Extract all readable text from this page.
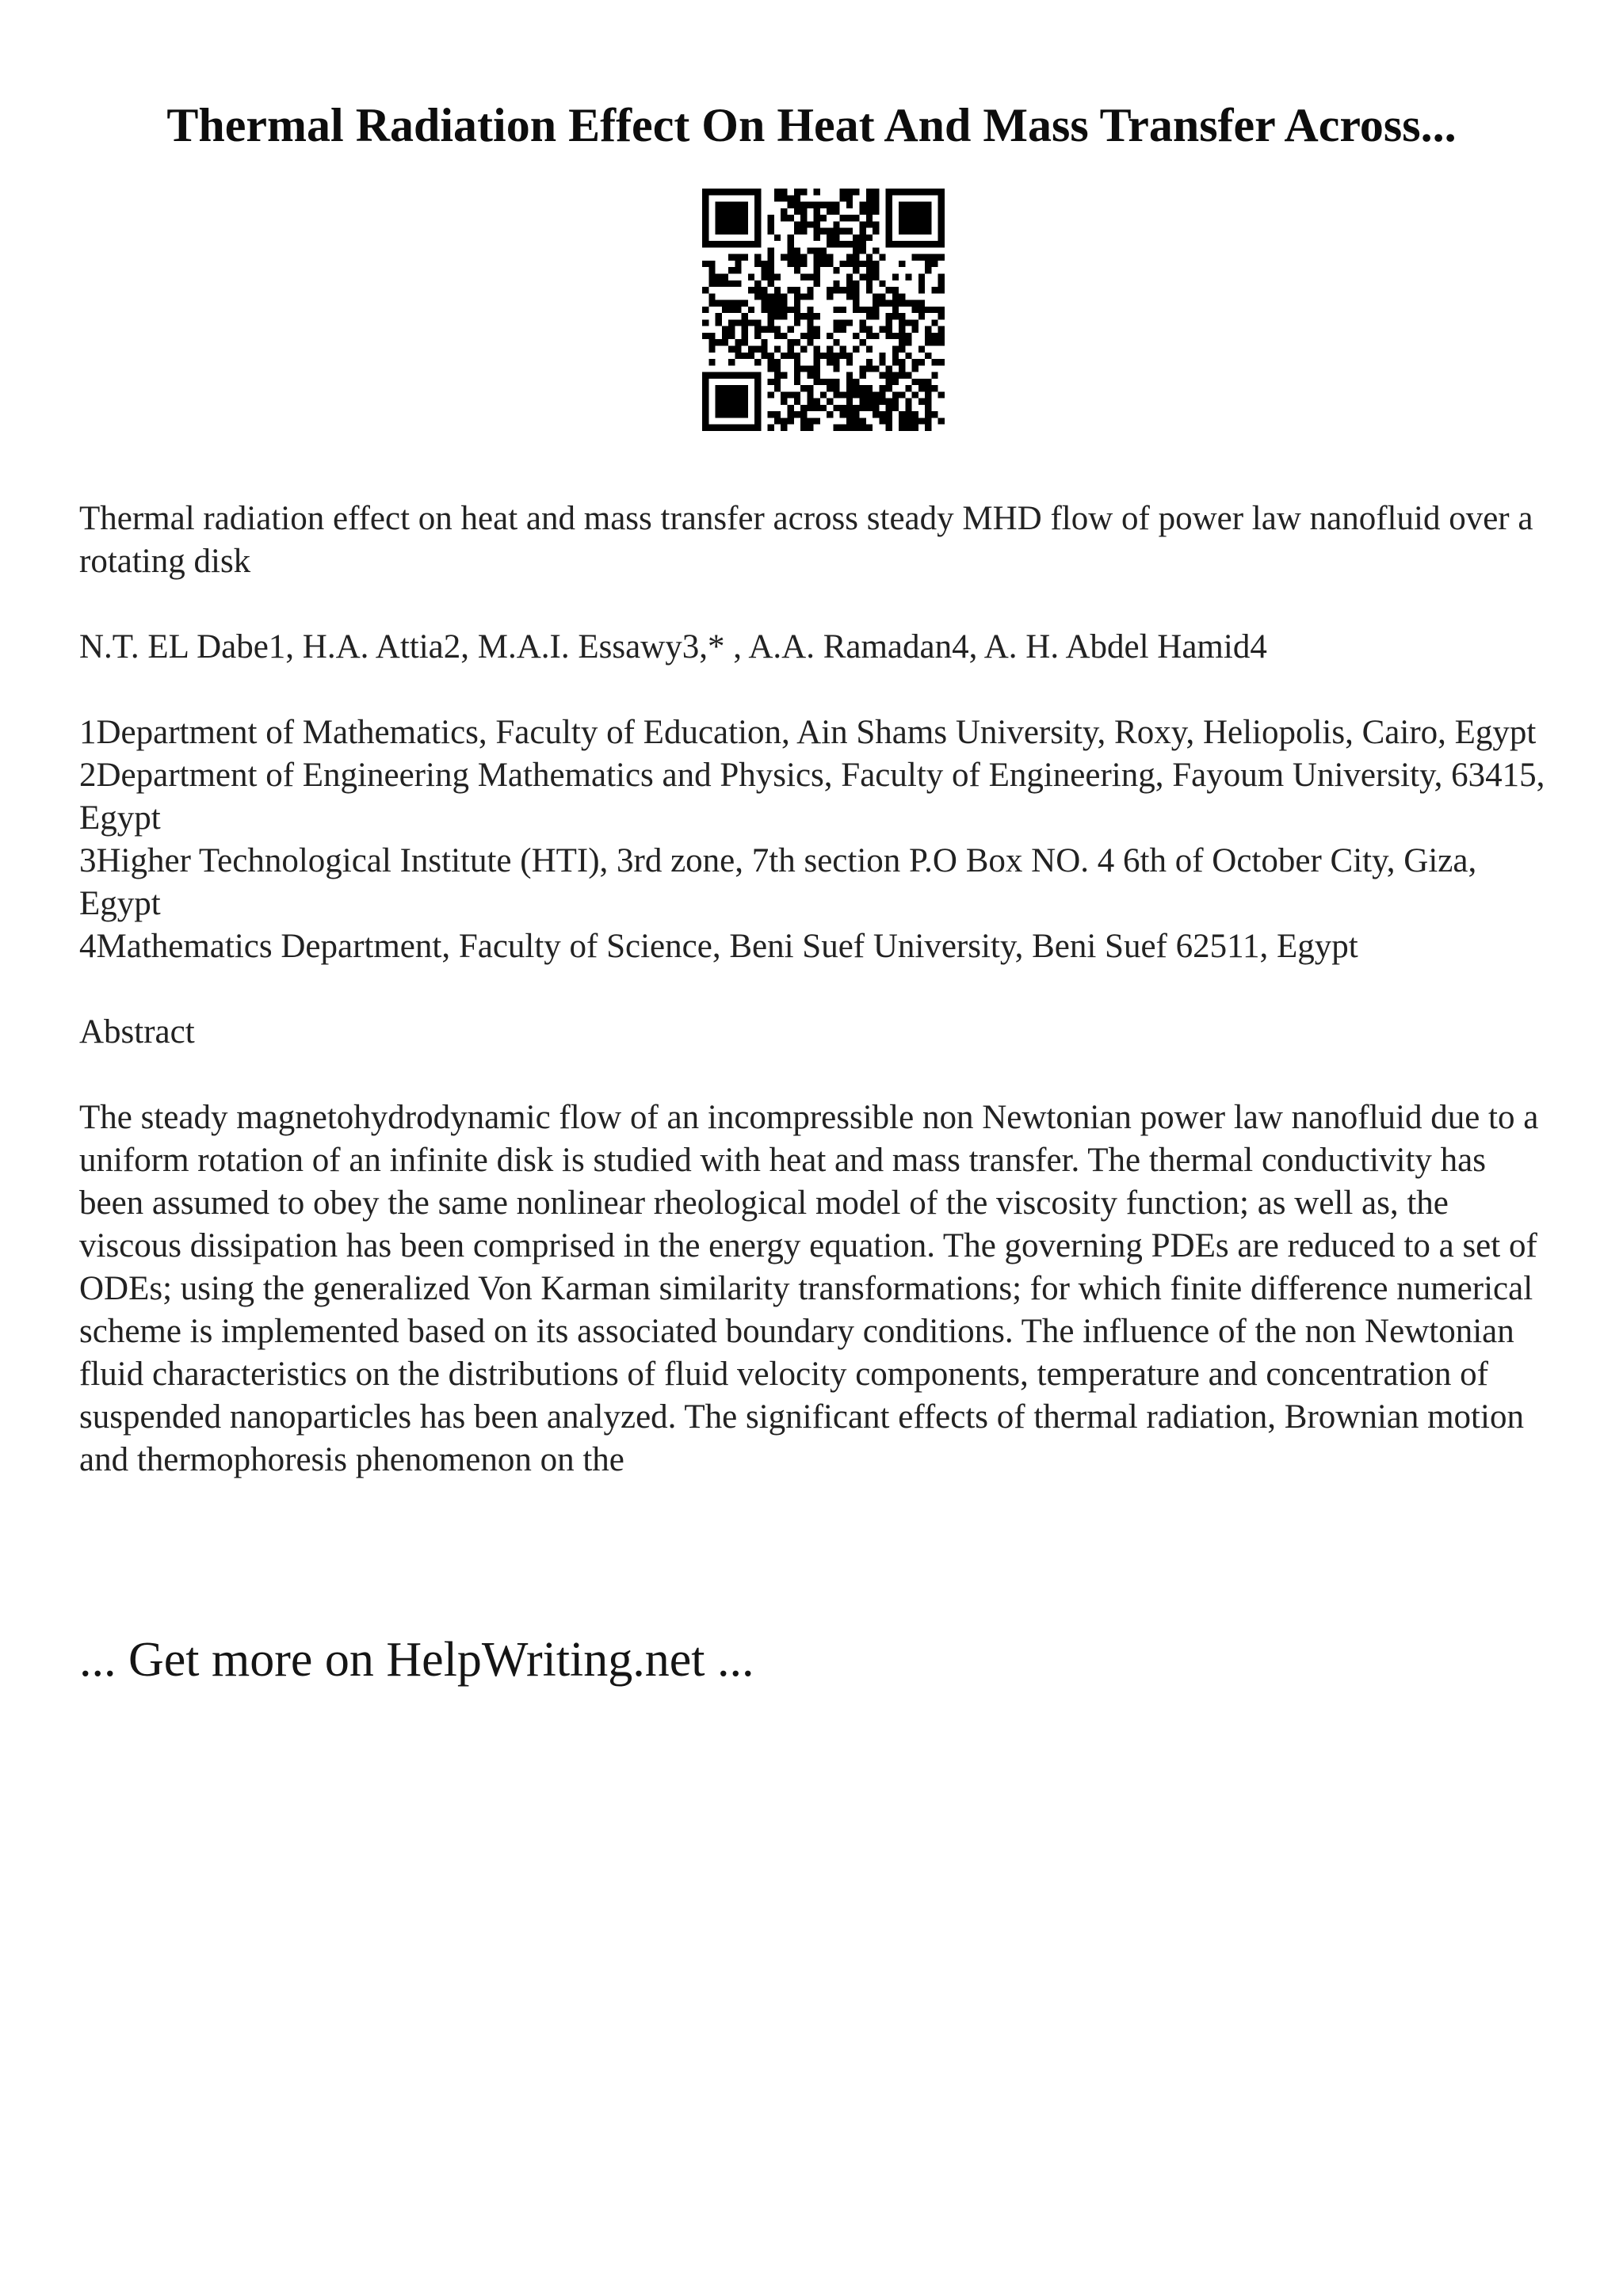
Thermal Radiation Effect On Heat And Mass Transfer Across...

Thermal radiation effect on heat and mass transfer across steady MHD flow of power law nanofluid over a rotating disk

N.T. EL Dabe1, H.A. Attia2, M.A.I. Essawy3,* , A.A. Ramadan4, A. H. Abdel Hamid4

1Department of Mathematics, Faculty of Education, Ain Shams University, Roxy, Heliopolis, Cairo, Egypt
2Department of Engineering Mathematics and Physics, Faculty of Engineering, Fayoum University, 63415, Egypt
3Higher Technological Institute (HTI), 3rd zone, 7th section P.O Box NO. 4 6th of October City, Giza, Egypt
4Mathematics Department, Faculty of Science, Beni Suef University, Beni Suef 62511, Egypt

Abstract

The steady magnetohydrodynamic flow of an incompressible non Newtonian power law nanofluid due to a uniform rotation of an infinite disk is studied with heat and mass transfer. The thermal conductivity has been assumed to obey the same nonlinear rheological model of the viscosity function; as well as, the viscous dissipation has been comprised in the energy equation. The governing PDEs are reduced to a set of ODEs; using the generalized Von Karman similarity transformations; for which finite difference numerical scheme is implemented based on its associated boundary conditions. The influence of the non Newtonian fluid characteristics on the distributions of fluid velocity components, temperature and concentration of suspended nanoparticles has been analyzed. The significant effects of thermal radiation, Brownian motion and thermophoresis phenomenon on the

... Get more on HelpWriting.net ...
